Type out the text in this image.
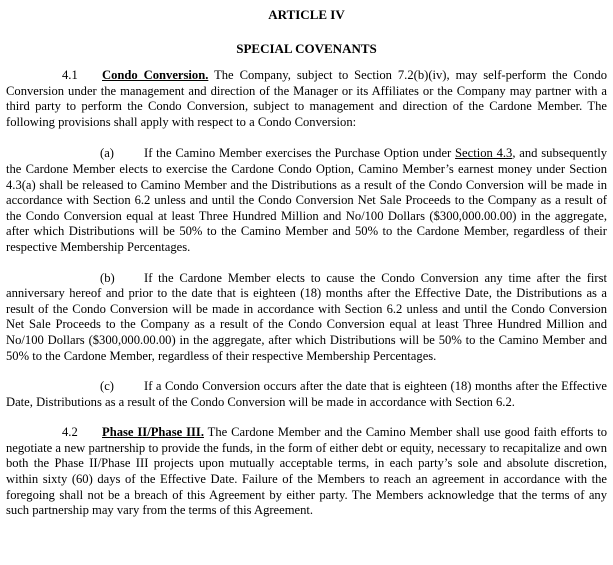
ARTICLE IV
SPECIAL COVENANTS

4.1 Condo Conversion. The Company, subject to Section 7.2(b)(iv), may self-perform the Condo Conversion under the management and direction of the Manager or its Affiliates or the Company may partner with a third party to perform the Condo Conversion, subject to management and direction of the Cardone Member. The following provisions shall apply with respect to a Condo Conversion:

(a) If the Camino Member exercises the Purchase Option under Section 4.3, and subsequently the Cardone Member elects to exercise the Cardone Condo Option, Camino Member’s earnest money under Section 4.3(a) shall be released to Camino Member and the Distributions as a result of the Condo Conversion will be made in accordance with Section 6.2 unless and until the Condo Conversion Net Sale Proceeds to the Company as a result of the Condo Conversion equal at least Three Hundred Million and No/100 Dollars ($300,000.00.00) in the aggregate, after which Distributions will be 50% to the Camino Member and 50% to the Cardone Member, regardless of their respective Membership Percentages.

(b) If the Cardone Member elects to cause the Condo Conversion any time after the first anniversary hereof and prior to the date that is eighteen (18) months after the Effective Date, the Distributions as a result of the Condo Conversion will be made in accordance with Section 6.2 unless and until the Condo Conversion Net Sale Proceeds to the Company as a result of the Condo Conversion equal at least Three Hundred Million and No/100 Dollars ($300,000.00.00) in the aggregate, after which Distributions will be 50% to the Camino Member and 50% to the Cardone Member, regardless of their respective Membership Percentages.

(c) If a Condo Conversion occurs after the date that is eighteen (18) months after the Effective Date, Distributions as a result of the Condo Conversion will be made in accordance with Section 6.2.

4.2 Phase II/Phase III. The Cardone Member and the Camino Member shall use good faith efforts to negotiate a new partnership to provide the funds, in the form of either debt or equity, necessary to recapitalize and own both the Phase II/Phase III projects upon mutually acceptable terms, in each party’s sole and absolute discretion, within sixty (60) days of the Effective Date. Failure of the Members to reach an agreement in accordance with the foregoing shall not be a breach of this Agreement by either party. The Members acknowledge that the terms of any such partnership may vary from the terms of this Agreement.
